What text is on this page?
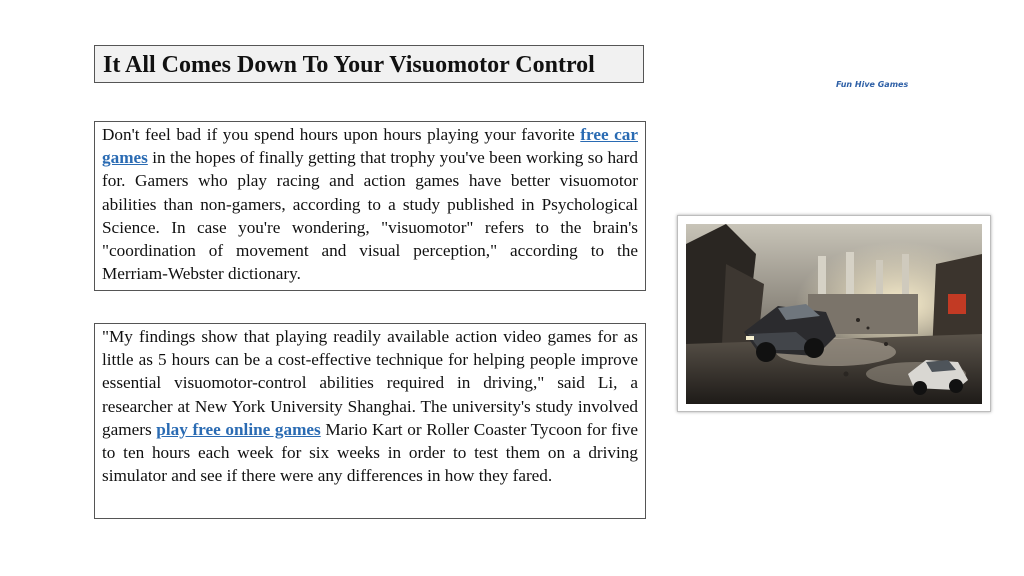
It All Comes Down To Your Visuomotor Control
Fun Hive Games
Don't feel bad if you spend hours upon hours playing your favorite free car games in the hopes of finally getting that trophy you've been working so hard for. Gamers who play racing and action games have better visuomotor abilities than non-gamers, according to a study published in Psychological Science. In case you're wondering, "visuomotor" refers to the brain's "coordination of movement and visual perception," according to the Merriam-Webster dictionary.
"My findings show that playing readily available action video games for as little as 5 hours can be a cost-effective technique for helping people improve essential visuomotor-control abilities required in driving," said Li, a researcher at New York University Shanghai. The university's study involved gamers play free online games Mario Kart or Roller Coaster Tycoon for five to ten hours each week for six weeks in order to test them on a driving simulator and see if there were any differences in how they fared.
